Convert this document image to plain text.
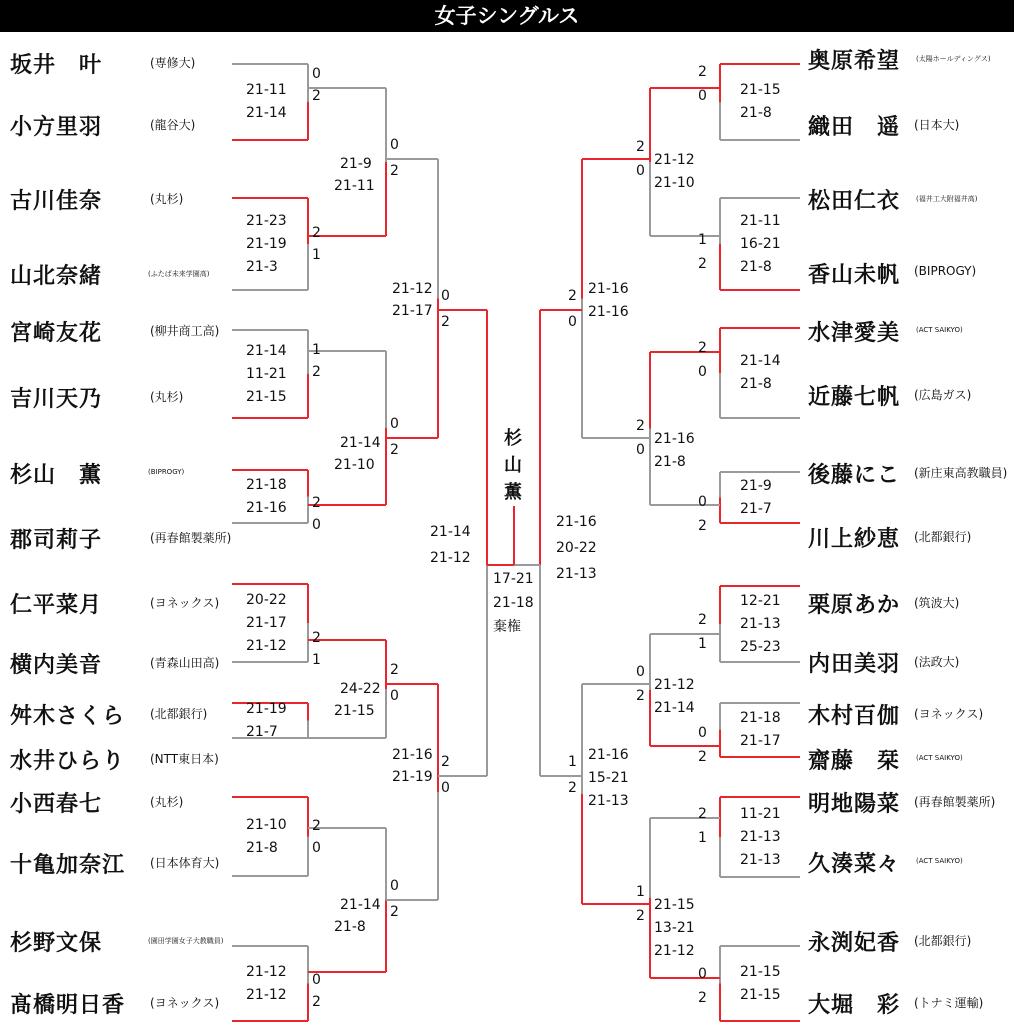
女子シングルス
坂井　叶	(専修大)
小方里羽	(龍谷大)
古川佳奈	(丸杉)
山北奈緒	(ふたば未来学園高)
宮崎友花	(柳井商工高)
吉川天乃	(丸杉)
杉山　薫	(BIPROGY)
郡司莉子	(再春館製薬所)
仁平菜月	(ヨネックス)
横内美音	(青森山田高)
舛木さくら (北都銀行)
水井ひらり (NTT東日本)
小西春七	(丸杉)
十亀加奈江 (日本体育大)
杉野文保	(園田学園女子大教職員)
髙橋明日香 (ヨネックス)
奥原希望 (太陽ホールディングス)
織田　遥 (日本大)
松田仁衣 (福井工大附福井高)
香山未帆 (BIPROGY)
水津愛美 (ACT SAIKYO)
近藤七帆 (広島ガス)
後藤にこ (新庄東高教職員)
川上紗恵 (北都銀行)
栗原あか (筑波大)
内田美羽 (法政大)
木村百伽 (ヨネックス)
齋藤　栞 (ACT SAIKYO)
明地陽菜 (再春館製薬所)
久湊菜々 (ACT SAIKYO)
永渕妃香 (北都銀行)
大堀　彩 (トナミ運輸)
21-11
21-14
0
2
21-23
21-19
21-3
2
1
21-14
11-21
21-15
1
2
21-18
21-16 2
0
20-22
21-17
21-12 2
1
21-19
21-7
21-10
21-8
2
0
21-12
21-12
0
2
21-9
21-11
0
2
21-14
21-10
0
2
24-22
21-15
2
0
21-14
21-8
0
2
21-12
21-17
0
2
21-16
21-19
2
0
21-14
21-12
21-15
21-8
2
0
21-11
16-21
21-8
1
2
21-14
21-8
2
0
21-9
21-7
0
2
12-21
21-13
25-23
2
1
21-18
21-17
0
2
11-21
21-13
21-13
2
1
21-15
21-15
0
2
21-12
21-10
2
0
21-16
21-8
2
0
21-12
21-14
0
2
21-15
13-21
21-12
1
2
21-16
21-16
2
0
21-16
15-21
21-13
1
2
21-16
20-22
21-13
17-21
21-18
棄権
杉
山
薫
